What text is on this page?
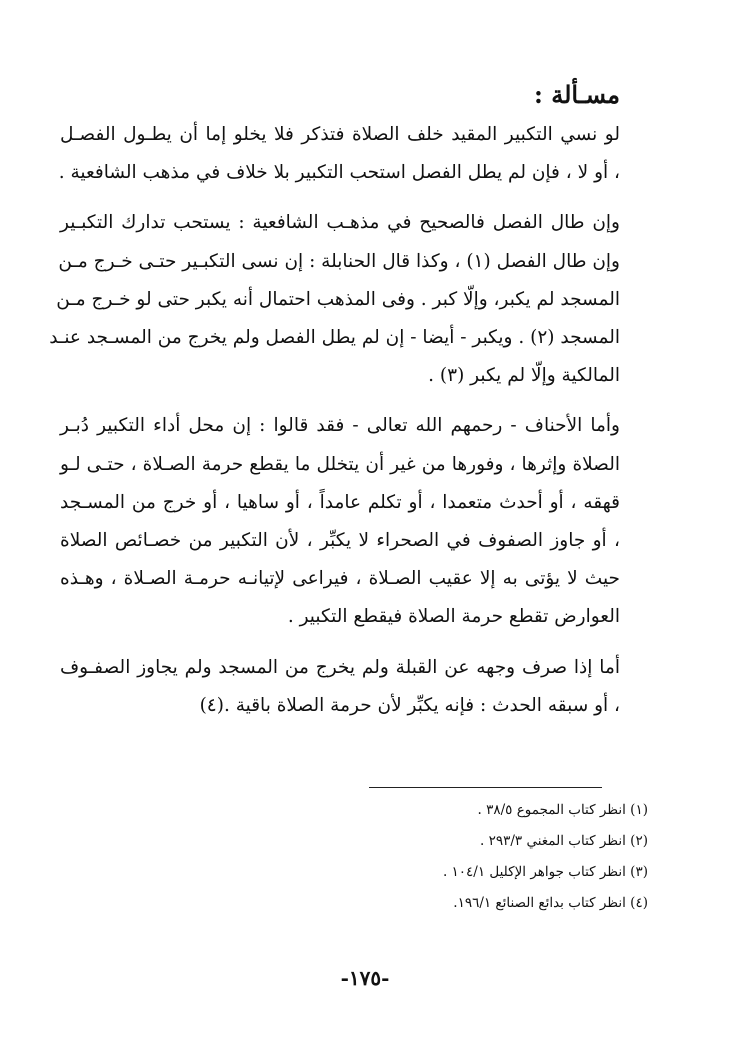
مسـألة :
لو نسي التكبير المقيد خلف الصلاة فتذكر فلا يخلو إما أن يطـول الفصـل
، أو لا ، فإن لم يطل الفصل استحب التكبير بلا خلاف في مذهب الشافعية .
وإن طال الفصل فالصحيح في مذهـب الشافعية : يستحب تدارك التكبـير
وإن طال الفصل (١) ، وكذا قال الحنابلة : إن نسى التكبـير حتـى خـرج مـن
المسجد لم يكبر، وإلّا كبر . وفى المذهب احتمال أنه يكبر حتى لو خـرج مـن
المسجد (٢) . ويكبر - أيضا - إن لم يطل الفصل ولم يخرج من المسـجد عنـد
المالكية وإلّا لم يكبر (٣) .
وأما الأحناف - رحمهم الله تعالى - فقد قالوا : إن محل أداء التكبير دُبـر
الصلاة وإثرها ، وفورها من غير أن يتخلل ما يقطع حرمة الصـلاة ، حتـى لـو
قهقه ، أو أحدث متعمدا ، أو تكلم عامداً ، أو ساهيا ، أو خرج من المسـجد
، أو جاوز الصفوف في الصحراء لا يكبِّر ، لأن التكبير من خصـائص الصلاة
حيث لا يؤتى به إلا عقيب الصـلاة ، فيراعى لإتيانـه حرمـة الصـلاة ، وهـذه
العوارض تقطع حرمة الصلاة فيقطع التكبير .
أما إذا صرف وجهه عن القبلة ولم يخرج من المسجد ولم يجاوز الصفـوف
، أو سبقه الحدث : فإنه يكبِّر لأن حرمة الصلاة باقية .(٤)
(١) انظر كتاب المجموع ٣٨/٥ .
(٢) انظر كتاب المغني ٢٩٣/٣ .
(٣) انظر كتاب جواهر الإكليل ١٠٤/١ .
(٤) انظر كتاب بدائع الصنائع ١٩٦/١.
-١٧٥-
